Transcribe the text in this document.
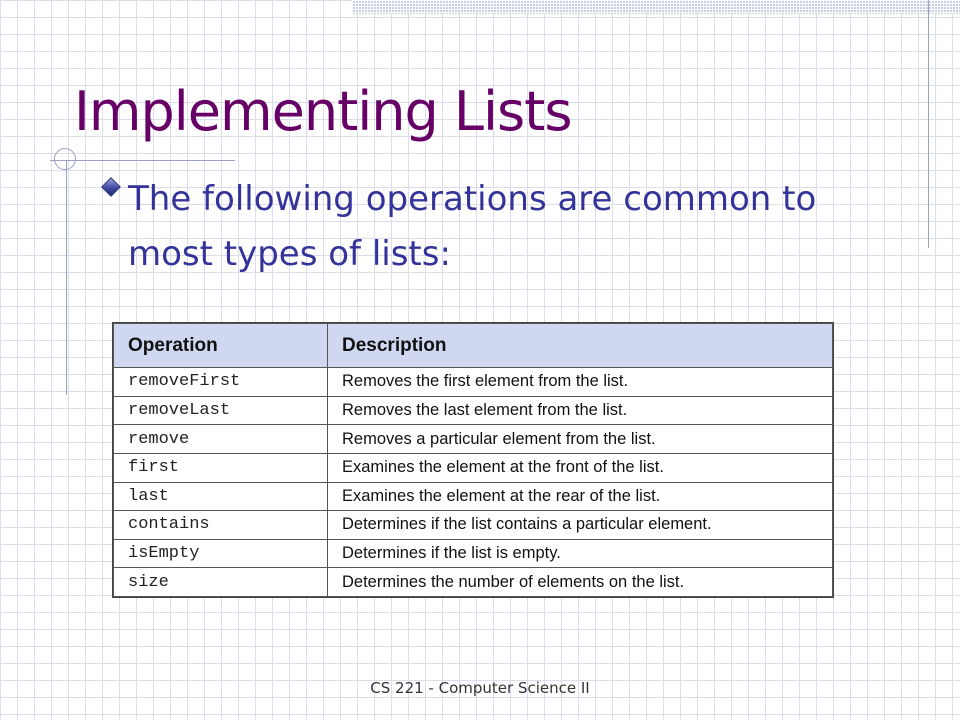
Implementing Lists

The following operations are common to most types of lists:

Operation	Description
removeFirst	Removes the first element from the list.
removeLast	Removes the last element from the list.
remove	Removes a particular element from the list.
first	Examines the element at the front of the list.
last	Examines the element at the rear of the list.
contains	Determines if the list contains a particular element.
isEmpty	Determines if the list is empty.
size	Determines the number of elements on the list.
CS 221 - Computer Science II
